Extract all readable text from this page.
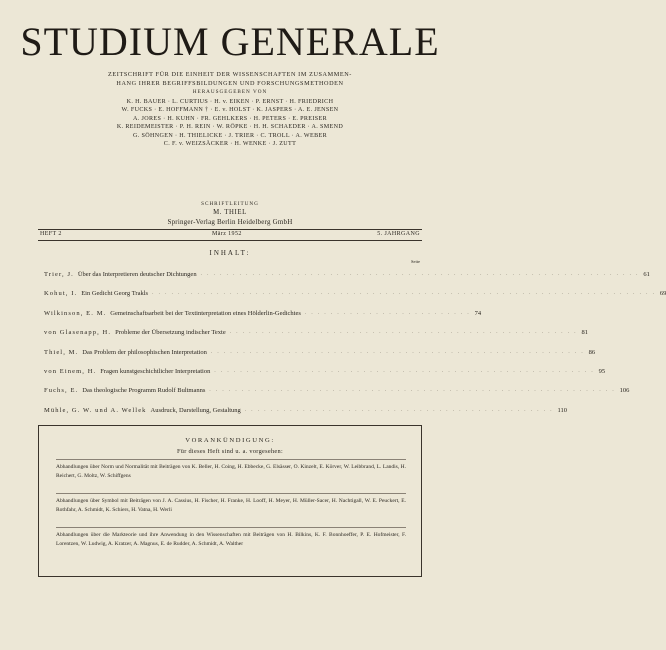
STUDIUM GENERALE
ZEITSCHRIFT FÜR DIE EINHEIT DER WISSENSCHAFTEN IM ZUSAMMEN-
HANG IHRER BEGRIFFSBILDUNGEN UND FORSCHUNGSMETHODEN
HERAUSGEGEBEN VON
K. H. BAUER · L. CURTIUS · H. v. EIKEN · P. ERNST · H. FRIEDRICH
W. FUCKS · E. HOFFMANN † · E. v. HOLST · K. JASPERS · A. E. JENSEN
A. JORES · H. KUHN · FR. GEHLKERS · H. PETERS · E. PREISER
K. REIDEMEISTER · P. H. REIN · W. RÖPKE · H. H. SCHAEDER · A. SMEND
G. SÖHNGEN · H. THIELICKE · J. TRIER · C. TROLL · A. WEBER
C. F. v. WEIZSÄCKER · H. WENKE · J. ZUTT
SCHRIFTLEITUNG
M. THIEL
Springer-Verlag Berlin Heidelberg GmbH
HEFT 2	März 1952	5. JAHRGANG
INHALT:
Seite
Trier, J. Über das Interpretieren deutscher Dichtungen . . . . . . . . . . . . . . . . . . . . . . . . . . . . . . . . . . . . . . . . . . . . . . . . . . . . . . . . . . . . . . . . . . . . 61
Kohut, I. Ein Gedicht Georg Trakls . . . . . . . . . . . . . . . . . . . . . . . . . . . . . . . . . . . . . . . . . . . . . . . . . . . . . . . . . . . . . . . . . . . . . . . . . . . . . . 69
Wilkinson, E. M. Gemeinschaftsarbeit bei der Textinterpretation eines Hölderlin-Gedichtes . . . . . . . . . . . . . . . . . . . . . . . . . . 74
von Glasenapp, H. Probleme der Übersetzung indischer Texte . . . . . . . . . . . . . . . . . . . . . . . . . . . . . . . . . . . . . . . . . . . . . . . . . . . . . . 81
Thiel, M. Das Problem der philosophischen Interpretation . . . . . . . . . . . . . . . . . . . . . . . . . . . . . . . . . . . . . . . . . . . . . . . . . . . . . . . . . . 86
von Einem, H. Fragen kunstgeschichtlicher Interpretation . . . . . . . . . . . . . . . . . . . . . . . . . . . . . . . . . . . . . . . . . . . . . . . . . . . . . . . . . . . 95
Fuchs, E. Das theologische Programm Rudolf Bultmanns . . . . . . . . . . . . . . . . . . . . . . . . . . . . . . . . . . . . . . . . . . . . . . . . . . . . . . . . . . . . . . . 106
Mühle, G. W. und A. Wellek Ausdruck, Darstellung, Gestaltung . . . . . . . . . . . . . . . . . . . . . . . . . . . . . . . . . . . . . . . . . . . . . . . . 110
VORANKÜNDIGUNG:
Für dieses Heft sind u. a. vorgesehen:
Abhandlungen über Norm und Normalität mit Beiträgen von K. Beller, H. Coing, H. Ebbecke, G. Elsässer, O. Kinzelt, E. Körver, W. Leibbrand, L. Landis, H. Reichert, G. Moltz, W. Schiffgens
Abhandlungen über Symbol mit Beiträgen von J. A. Cassius, H. Fischer, H. Franke, H. Looff, H. Meyer, H. Müller-Sacer, H. Nachtigall, W. E. Peuckert, E. Rothfahr, A. Schmidt, K. Schiers, H. Vatna, H. Werli
Abhandlungen über die Markteorie und ihre Anwendung in den Wissenschaften mit Beiträgen von H. Bilkins, K. F. Bonnhoeffer, P. E. Hofmeister, F. Lorentzen, W. Ludwig, A. Kratzer, A. Magnus, E. de Rudder, A. Schmidt, A. Walther
